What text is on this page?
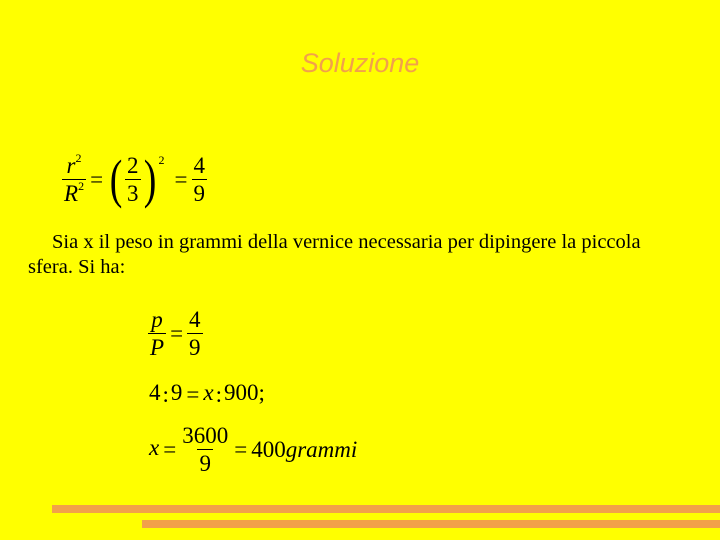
Soluzione
$\frac{r^2}{R^2}$ = ( $\frac{2}{3}$ ) $^2= \frac{4}{9}$
Sia x il peso in grammi della vernice necessaria per dipingere la piccola sfera. Si ha:
$\frac{p}{P} = \frac{4}{9}$
4:9 = x:900;
$x = \frac{3600}{9}$ = 400grammi
